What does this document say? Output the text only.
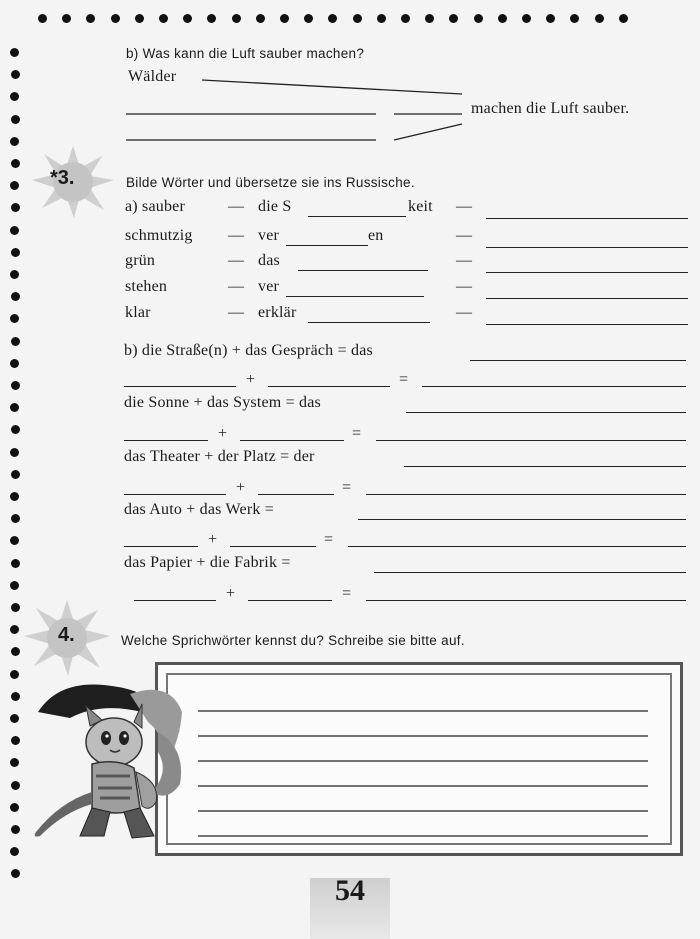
b) Was kann die Luft sauber machen?
Wälder
machen die Luft sauber.
*3.	Bilde Wörter und übersetze sie ins Russische.
a) sauber	— die S	keit —
schmutzig — ver	en	—
grün	— das	—
stehen	— ver	—
klar	— erklär	—
b) die Straße(n) + das Gespräch = das
+	=
die Sonne + das System = das
+	=
das Theater + der Platz = der
+	=
das Auto + das Werk =
+	=
das Papier + die Fabrik =
+	=
4.	Welche Sprichwörter kennst du? Schreibe sie bitte auf.
54
